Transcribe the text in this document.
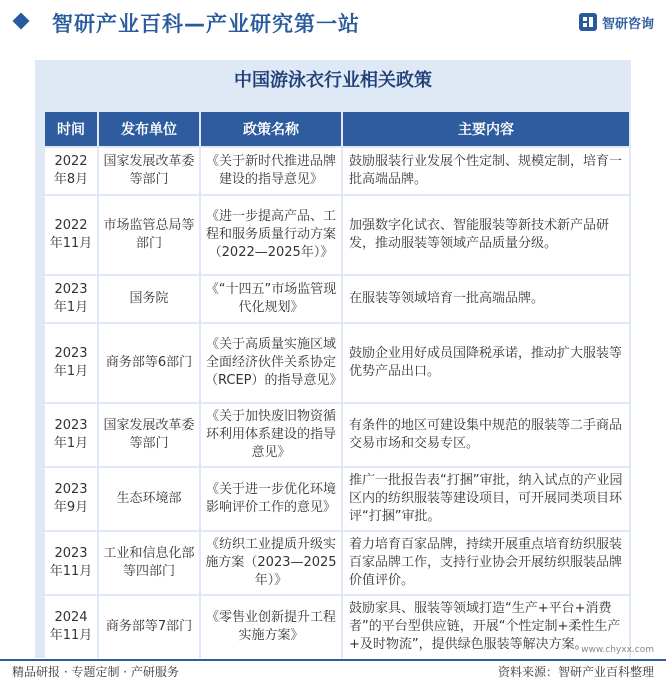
智研产业百科—产业研究第一站	智研咨询
中国游泳衣行业相关政策
时间	发布单位	政策名称	主要内容
2022年8月	国家发展改革委等部门	《关于新时代推进品牌建设的指导意见》	鼓励服装行业发展个性定制、规模定制，培育一批高端品牌。
2022年11月	市场监管总局等部门	《进一步提高产品、工程和服务质量行动方案（2022—2025年）》	加强数字化试衣、智能服装等新技术新产品研发，推动服装等领域产品质量分级。
2023年1月	国务院	《“十四五”市场监管现代化规划》	在服装等领域培育一批高端品牌。
2023年1月	商务部等6部门	《关于高质量实施区域全面经济伙伴关系协定（RCEP）的指导意见》	鼓励企业用好成员国降税承诺，推动扩大服装等优势产品出口。
2023年1月	国家发展改革委等部门	《关于加快废旧物资循环利用体系建设的指导意见》	有条件的地区可建设集中规范的服装等二手商品交易市场和交易专区。
2023年9月	生态环境部	《关于进一步优化环境影响评价工作的意见》	推广一批报告表“打捆”审批，纳入试点的产业园区内的纺织服装等建设项目，可开展同类项目环评“打捆”审批。
2023年11月	工业和信息化部等四部门	《纺织工业提质升级实施方案（2023—2025年）》	着力培育百家品牌，持续开展重点培育纺织服装百家品牌工作，支持行业协会开展纺织服装品牌价值评价。
2024年11月	商务部等7部门	《零售业创新提升工程实施方案》	鼓励家具、服装等领域打造“生产+平台+消费者”的平台型供应链，开展“个性定制+柔性生产+及时物流”，提供绿色服装等解决方案。
www.chyxx.com
精品研报 · 专题定制 · 产研服务	资料来源：智研产业百科整理
